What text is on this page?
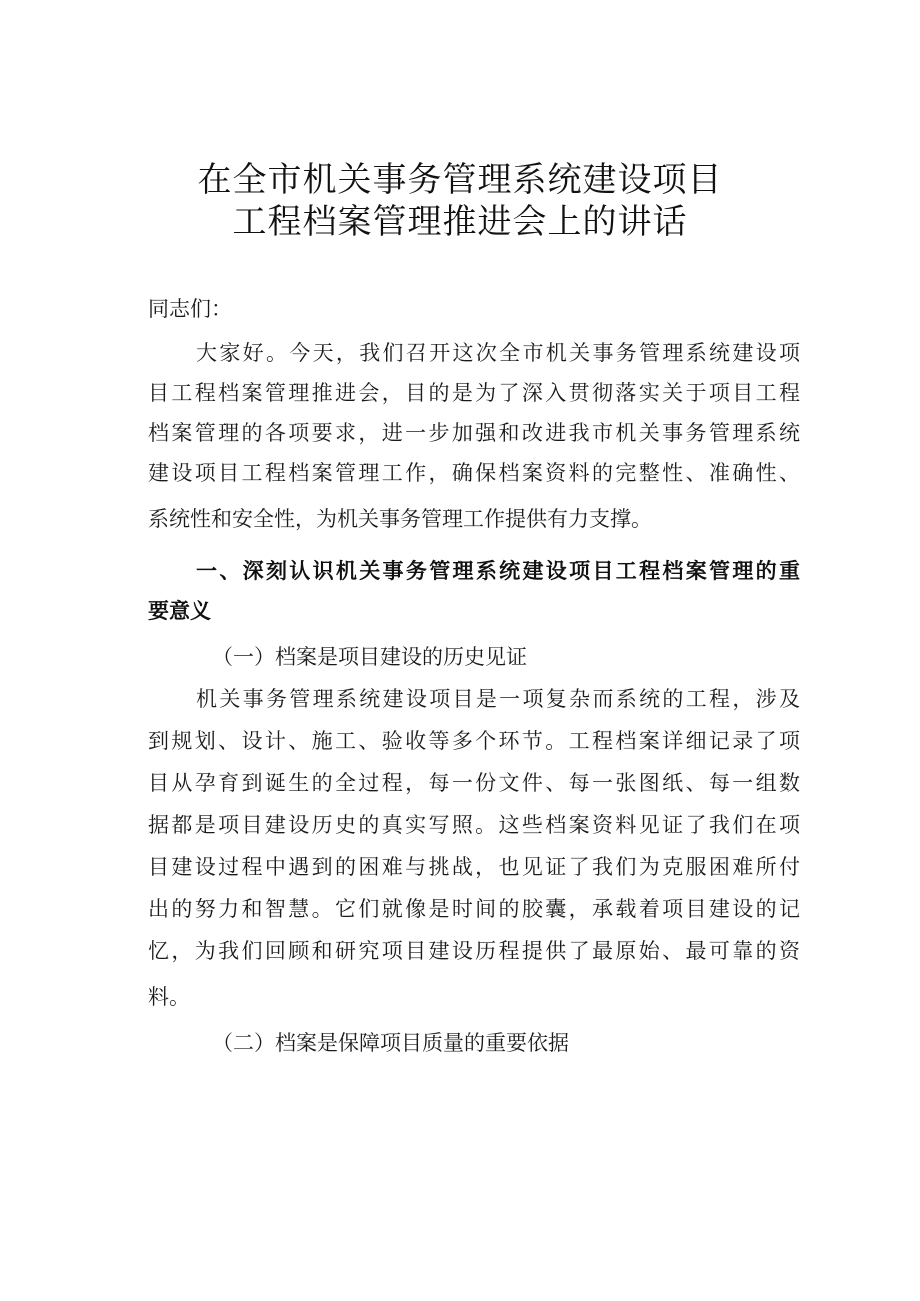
在全市机关事务管理系统建设项目
工程档案管理推进会上的讲话
同志们：
大家好。今天，我们召开这次全市机关事务管理系统建设项
目工程档案管理推进会，目的是为了深入贯彻落实关于项目工程
档案管理的各项要求，进一步加强和改进我市机关事务管理系统
建设项目工程档案管理工作，确保档案资料的完整性、准确性、
系统性和安全性，为机关事务管理工作提供有力支撑。
一、深刻认识机关事务管理系统建设项目工程档案管理的重
要意义
（一）档案是项目建设的历史见证
机关事务管理系统建设项目是一项复杂而系统的工程，涉及
到规划、设计、施工、验收等多个环节。工程档案详细记录了项
目从孕育到诞生的全过程，每一份文件、每一张图纸、每一组数
据都是项目建设历史的真实写照。这些档案资料见证了我们在项
目建设过程中遇到的困难与挑战，也见证了我们为克服困难所付
出的努力和智慧。它们就像是时间的胶囊，承载着项目建设的记
忆，为我们回顾和研究项目建设历程提供了最原始、最可靠的资
料。
（二）档案是保障项目质量的重要依据
